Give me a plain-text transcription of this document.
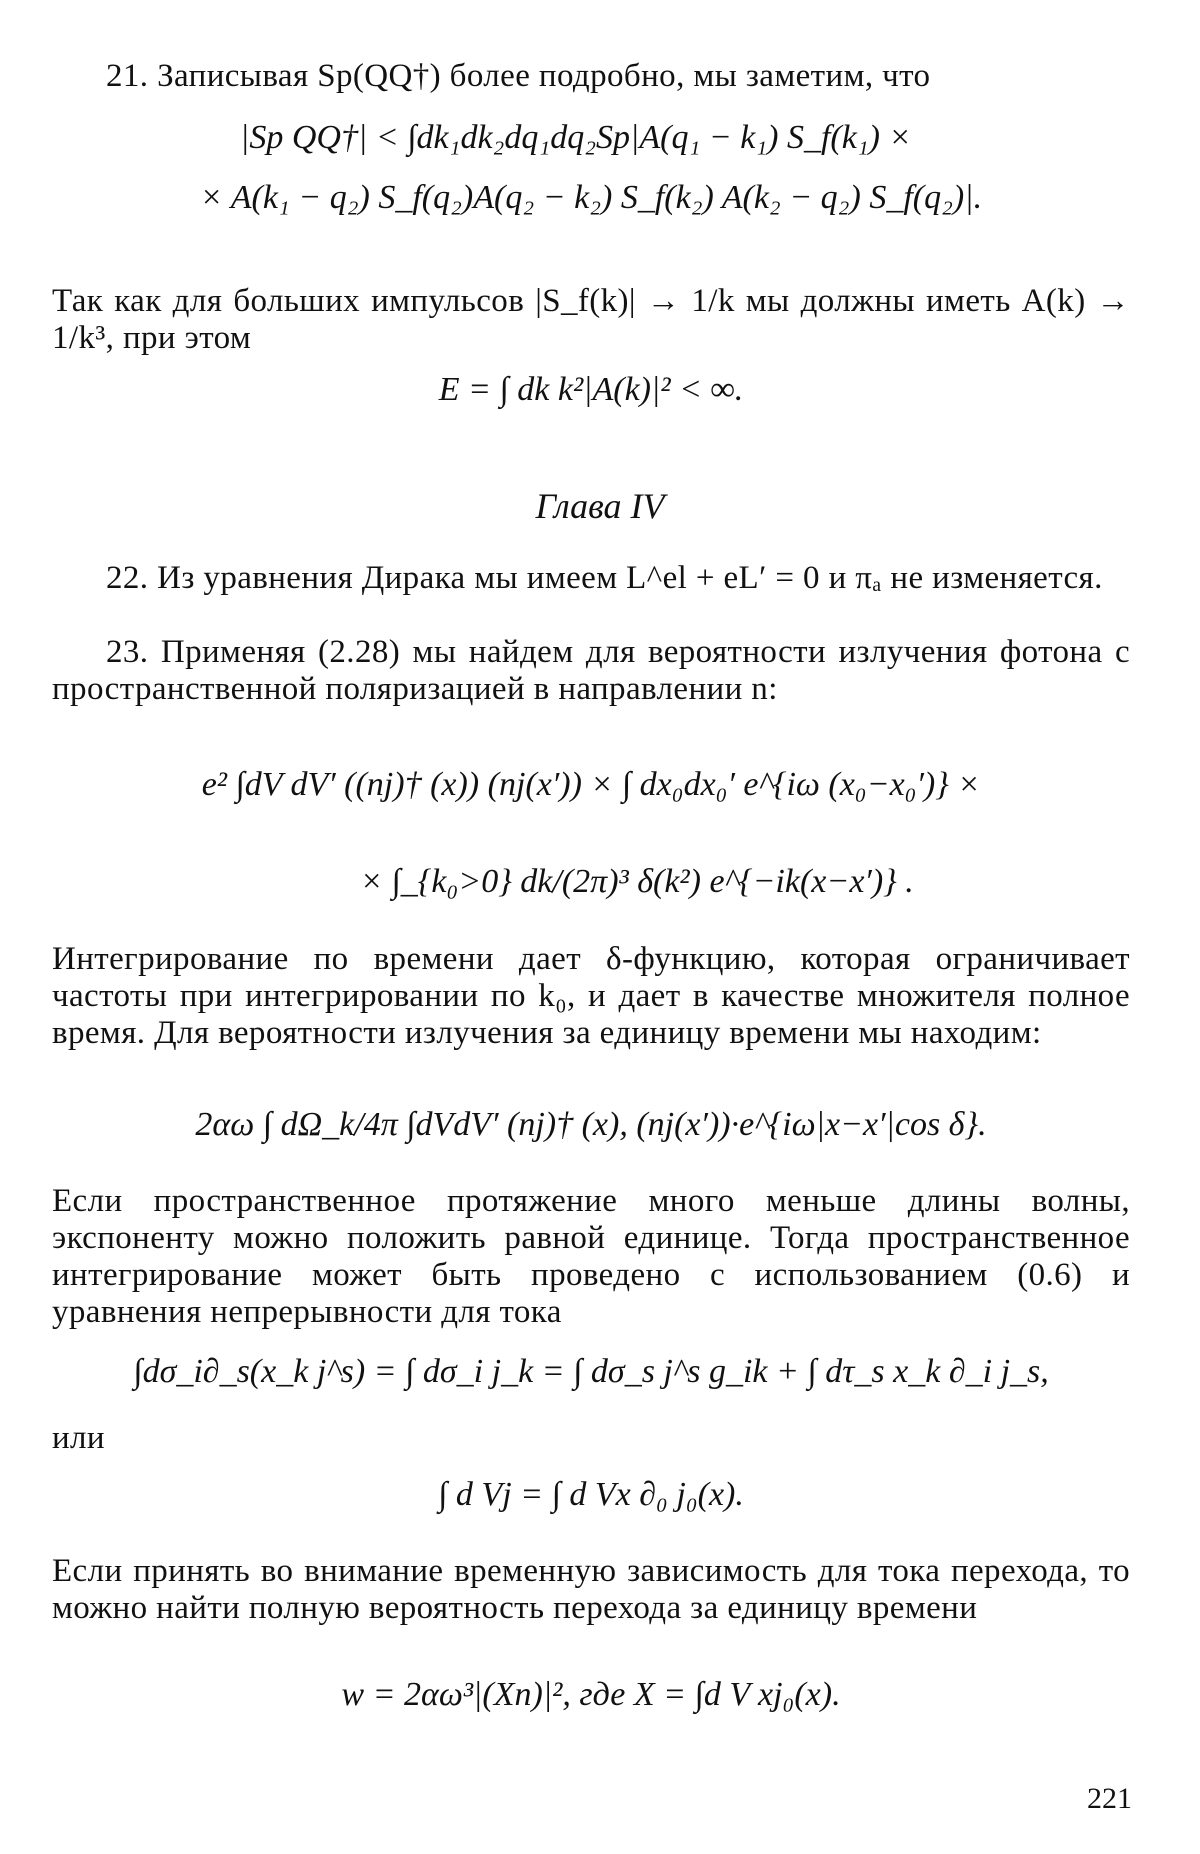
21. Записывая Sp(QQ†) более подробно, мы заметим, что

|Sp QQ†| < ∫dk₁dk₂dq₁dq₂Sp|A(q₁ − k₁) S_f(k₁) ×

× A(k₁ − q₂) S_f(q₂)A(q₂ − k₂) S_f(k₂) A(k₂ − q₂) S_f(q₂)|.

Так как для больших импульсов |S_f(k)| → 1/k мы должны иметь A(k) → 1/k³, при этом

E = ∫ dk k²|A(k)|² < ∞.

Глава IV

22. Из уравнения Дирака мы имеем L^el + eL′ = 0 и πₐ не изменяется.

23. Применяя (2.28) мы найдем для вероятности излучения фотона с пространственной поляризацией в направлении n:

e² ∫dV dV′ ((nj)† (x)) (nj(x′)) × ∫ dx₀dx₀′ e^{iω (x₀−x₀′)} ×

× ∫_{k₀>0} dk/(2π)³ δ(k²) e^{−ik(x−x′)} .

Интегрирование по времени дает δ-функцию, которая ограничивает частоты при интегрировании по k₀, и дает в качестве множителя полное время. Для вероятности излучения за единицу времени мы находим:

2αω ∫ dΩ_k/4π ∫dVdV′ (nj)† (x), (nj(x′))·e^{iω|x−x′|cos δ}.

Если пространственное протяжение много меньше длины волны, экспоненту можно положить равной единице. Тогда пространственное интегрирование может быть проведено с использованием (0.6) и уравнения непрерывности для тока

∫dσ_i∂_s(x_k j^s) = ∫ dσ_i j_k = ∫ dσ_s j^s g_ik + ∫ dτ_s x_k ∂_i j_s,

или

∫ d Vj = ∫ d Vx ∂₀ j₀(x).

Если принять во внимание временную зависимость для тока перехода, то можно найти полную вероятность перехода за единицу времени

w = 2αω³|(Xn)|², где X = ∫d V xj₀(x).

221
